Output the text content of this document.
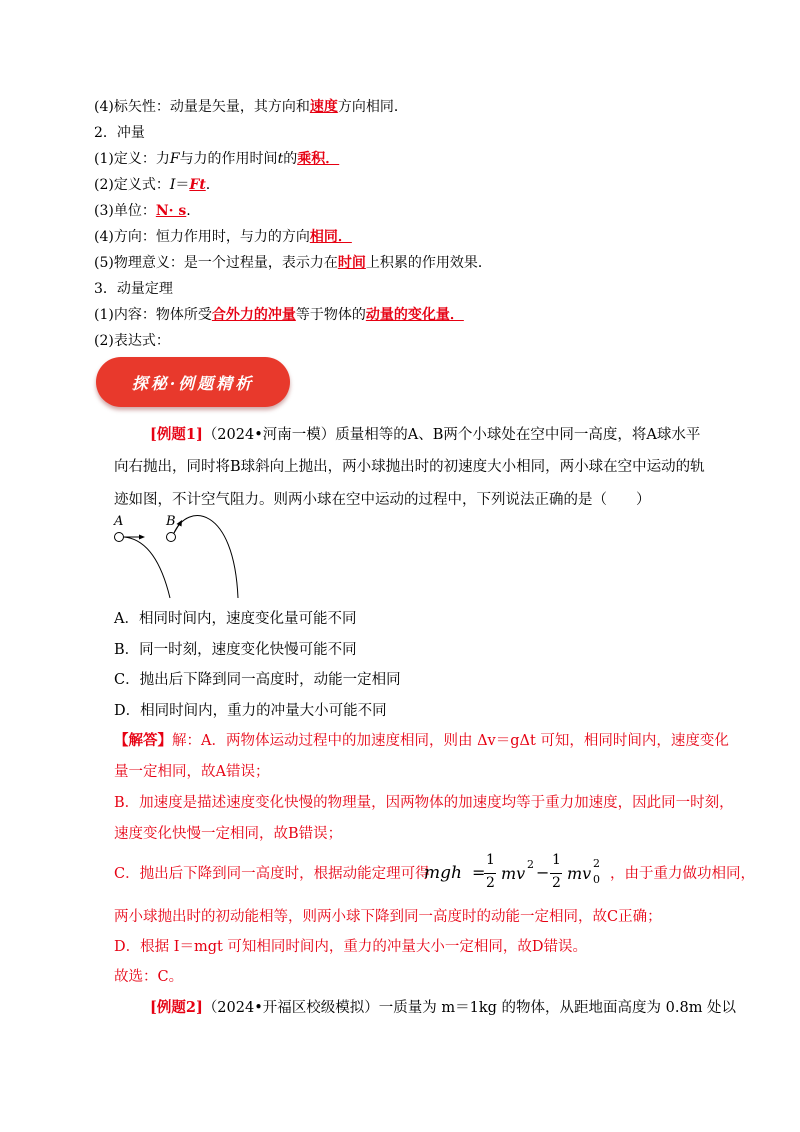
(4)标矢性：动量是矢量，其方向和速度方向相同．
2．冲量
(1)定义：力F与力的作用时间t的乘积．
(2)定义式：I＝Ft.
(3)单位：N· s.
(4)方向：恒力作用时，与力的方向相同．
(5)物理意义：是一个过程量，表示力在时间上积累的作用效果．
3．动量定理
(1)内容：物体所受合外力的冲量等于物体的动量的变化量．
(2)表达式：
探秘·例题精析
[例题1]（2024•河南一模）质量相等的A、B两个小球处在空中同一高度，将A球水平
向右抛出，同时将B球斜向上抛出，两小球抛出时的初速度大小相同，两小球在空中运动的轨
迹如图，不计空气阻力。则两小球在空中运动的过程中，下列说法正确的是（　　）
A	B
A．相同时间内，速度变化量可能不同
B．同一时刻，速度变化快慢可能不同
C．抛出后下降到同一高度时，动能一定相同
D．相同时间内，重力的冲量大小可能不同
【解答】解：A．两物体运动过程中的加速度相同，则由 Δv＝gΔt 可知，相同时间内，速度变化
量一定相同，故A错误；
B．加速度是描述速度变化快慢的物理量，因两物体的加速度均等于重力加速度，因此同一时刻，
速度变化快慢一定相同，故B错误；
C．抛出后下降到同一高度时，根据动能定理可得
mgh =
1
2 mv 2 −
1
2 mv
2
0 ，由于重力做功相同，
两小球抛出时的初动能相等，则两小球下降到同一高度时的动能一定相同，故C正确；
D．根据 I＝mgt 可知相同时间内，重力的冲量大小一定相同，故D错误。
故选：C。
[例题2]（2024•开福区校级模拟）一质量为 m＝1kg 的物体，从距地面高度为 0.8m 处以
